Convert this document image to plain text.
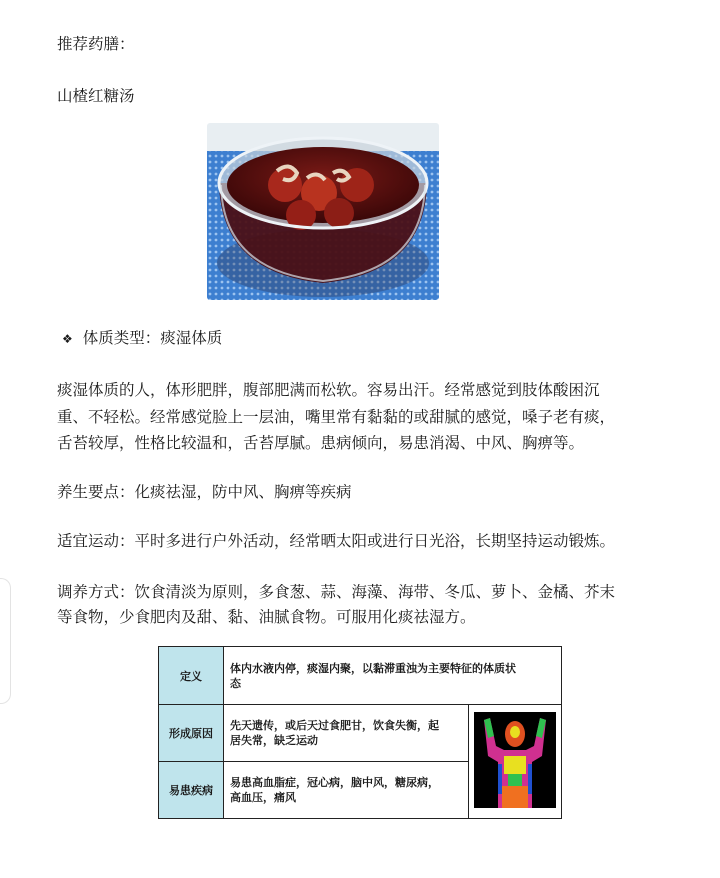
推荐药膳：
山楂红糖汤
❖ 体质类型：痰湿体质
痰湿体质的人，体形肥胖，腹部肥满而松软。容易出汗。经常感觉到肢体酸困沉
重、不轻松。经常感觉脸上一层油，嘴里常有黏黏的或甜腻的感觉，嗓子老有痰，
舌苔较厚，性格比较温和，舌苔厚腻。患病倾向，易患消渴、中风、胸痹等。
养生要点：化痰祛湿，防中风、胸痹等疾病
适宜运动：平时多进行户外活动，经常晒太阳或进行日光浴，长期坚持运动锻炼。
调养方式：饮食清淡为原则，多食葱、蒜、海藻、海带、冬瓜、萝卜、金橘、芥末
等食物，少食肥肉及甜、黏、油腻食物。可服用化痰祛湿方。
定义	体内水液内停，痰湿内聚，以黏滞重浊为主要特征的体质状
态	

形成原因	先天遗传，或后天过食肥甘，饮食失衡，起
居失常，缺乏运动

易患疾病	易患高血脂症，冠心病，脑中风，糖尿病，
高血压，痛风	
